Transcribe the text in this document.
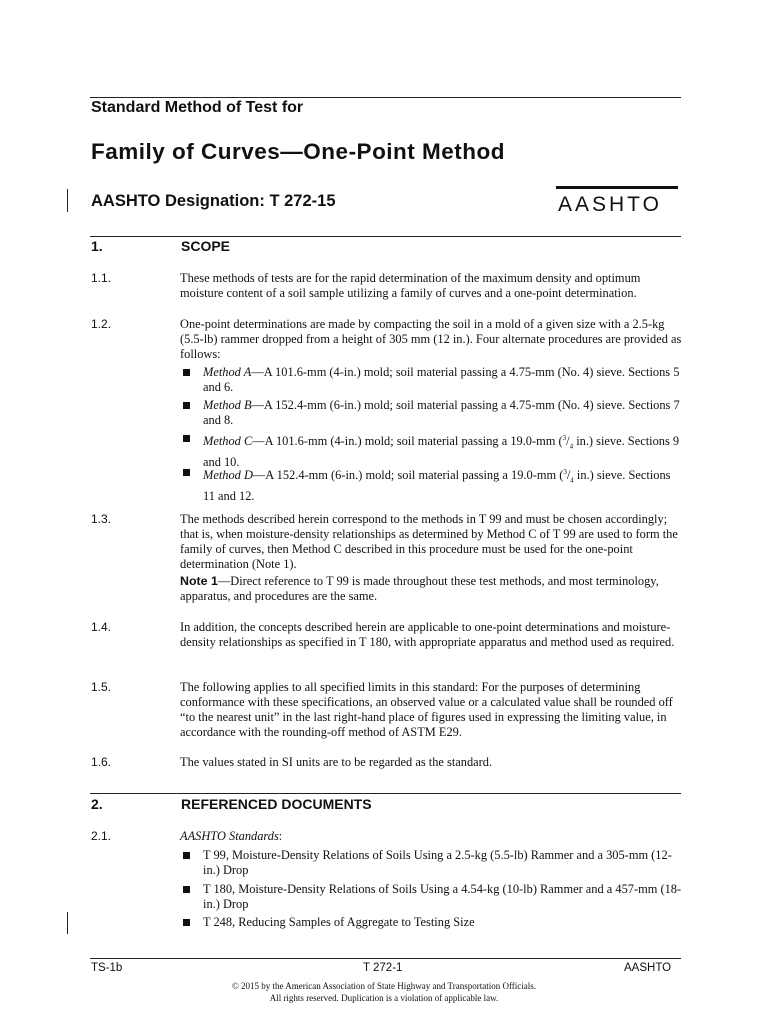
Standard Method of Test for
Family of Curves—One-Point Method
AASHTO Designation: T 272-15	AASHTO
1.	SCOPE
1.1.	These methods of tests are for the rapid determination of the maximum density and optimum moisture content of a soil sample utilizing a family of curves and a one-point determination.
1.2.	One-point determinations are made by compacting the soil in a mold of a given size with a 2.5-kg (5.5-lb) rammer dropped from a height of 305 mm (12 in.). Four alternate procedures are provided as follows:
Method A—A 101.6-mm (4-in.) mold; soil material passing a 4.75-mm (No. 4) sieve. Sections 5 and 6.
Method B—A 152.4-mm (6-in.) mold; soil material passing a 4.75-mm (No. 4) sieve. Sections 7 and 8.
Method C—A 101.6-mm (4-in.) mold; soil material passing a 19.0-mm ($^3/_4$ in.) sieve. Sections 9 and 10.
Method D—A 152.4-mm (6-in.) mold; soil material passing a 19.0-mm ($^3/_4$ in.) sieve. Sections 11 and 12.
1.3.	The methods described herein correspond to the methods in T 99 and must be chosen accordingly; that is, when moisture-density relationships as determined by Method C of T 99 are used to form the family of curves, then Method C described in this procedure must be used for the one-point determination (Note 1).
Note 1—Direct reference to T 99 is made throughout these test methods, and most terminology, apparatus, and procedures are the same.
1.4.	In addition, the concepts described herein are applicable to one-point determinations and moisture-density relationships as specified in T 180, with appropriate apparatus and method used as required.
1.5.	The following applies to all specified limits in this standard: For the purposes of determining conformance with these specifications, an observed value or a calculated value shall be rounded off “to the nearest unit” in the last right-hand place of figures used in expressing the limiting value, in accordance with the rounding-off method of ASTM E29.
1.6.	The values stated in SI units are to be regarded as the standard.
2.	REFERENCED DOCUMENTS
2.1.	AASHTO Standards:
T 99, Moisture-Density Relations of Soils Using a 2.5-kg (5.5-lb) Rammer and a 305-mm (12-in.) Drop
T 180, Moisture-Density Relations of Soils Using a 4.54-kg (10-lb) Rammer and a 457-mm (18-in.) Drop
T 248, Reducing Samples of Aggregate to Testing Size
TS-1b	T 272-1	AASHTO
© 2015 by the American Association of State Highway and Transportation Officials.
All rights reserved. Duplication is a violation of applicable law.
